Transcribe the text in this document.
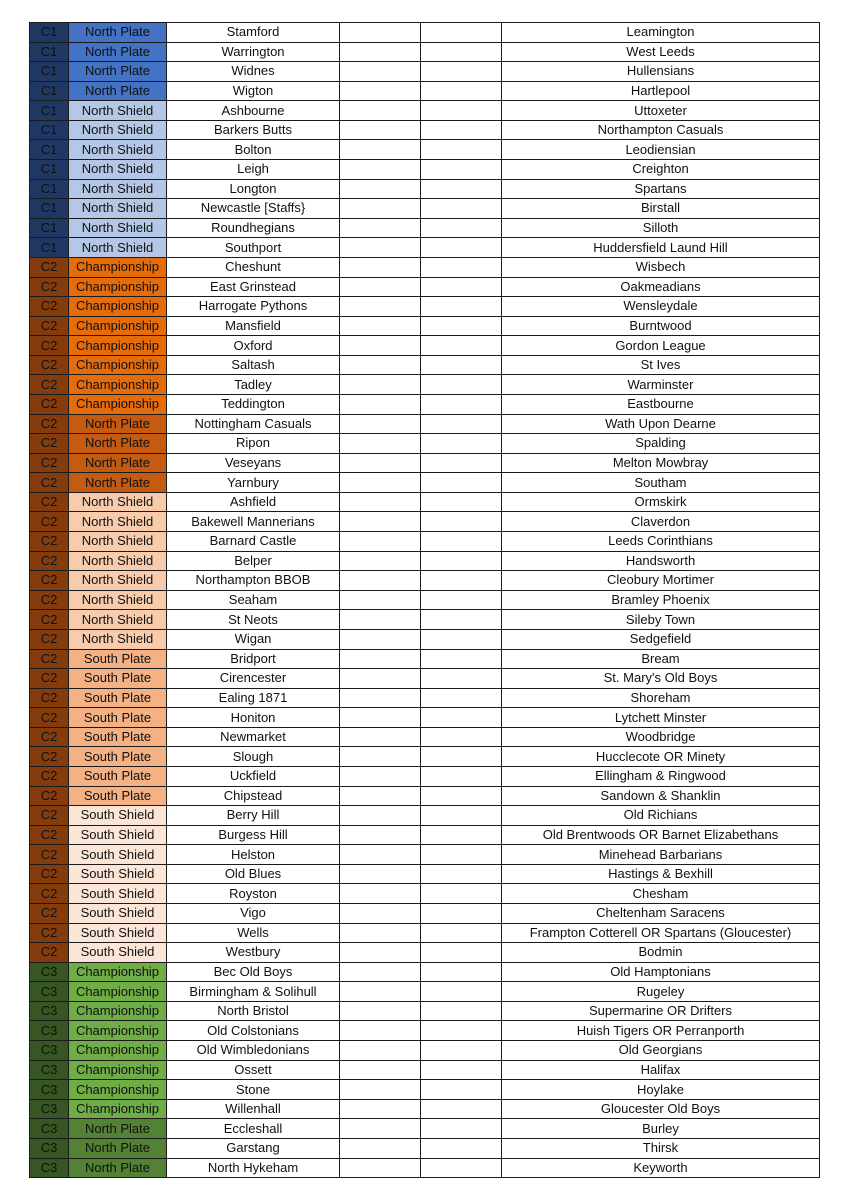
C1	North Plate	Stamford			Leamington
C1	North Plate	Warrington			West Leeds
C1	North Plate	Widnes			Hullensians
C1	North Plate	Wigton			Hartlepool
C1	North Shield	Ashbourne			Uttoxeter
C1	North Shield	Barkers Butts			Northampton Casuals
C1	North Shield	Bolton			Leodiensian
C1	North Shield	Leigh			Creighton
C1	North Shield	Longton			Spartans
C1	North Shield	Newcastle [Staffs}			Birstall
C1	North Shield	Roundhegians			Silloth
C1	North Shield	Southport			Huddersfield Laund Hill
C2	Championship	Cheshunt			Wisbech
C2	Championship	East Grinstead			Oakmeadians
C2	Championship	Harrogate Pythons			Wensleydale
C2	Championship	Mansfield			Burntwood
C2	Championship	Oxford			Gordon League
C2	Championship	Saltash			St Ives
C2	Championship	Tadley			Warminster
C2	Championship	Teddington			Eastbourne
C2	North Plate	Nottingham Casuals			Wath Upon Dearne
C2	North Plate	Ripon			Spalding
C2	North Plate	Veseyans			Melton Mowbray
C2	North Plate	Yarnbury			Southam
C2	North Shield	Ashfield			Ormskirk
C2	North Shield	Bakewell Mannerians			Claverdon
C2	North Shield	Barnard Castle			Leeds Corinthians
C2	North Shield	Belper			Handsworth
C2	North Shield	Northampton BBOB			Cleobury Mortimer
C2	North Shield	Seaham			Bramley Phoenix
C2	North Shield	St Neots			Sileby Town
C2	North Shield	Wigan			Sedgefield
C2	South Plate	Bridport			Bream
C2	South Plate	Cirencester			St. Mary's Old Boys
C2	South Plate	Ealing 1871			Shoreham
C2	South Plate	Honiton			Lytchett Minster
C2	South Plate	Newmarket			Woodbridge
C2	South Plate	Slough			Hucclecote OR Minety
C2	South Plate	Uckfield			Ellingham & Ringwood
C2	South Plate	Chipstead			Sandown & Shanklin
C2	South Shield	Berry Hill			Old Richians
C2	South Shield	Burgess Hill			Old Brentwoods OR Barnet Elizabethans
C2	South Shield	Helston			Minehead Barbarians
C2	South Shield	Old Blues			Hastings & Bexhill
C2	South Shield	Royston			Chesham
C2	South Shield	Vigo			Cheltenham Saracens
C2	South Shield	Wells			Frampton Cotterell OR Spartans (Gloucester)
C2	South Shield	Westbury			Bodmin
C3	Championship	Bec Old Boys			Old Hamptonians
C3	Championship	Birmingham & Solihull			Rugeley
C3	Championship	North Bristol			Supermarine OR Drifters
C3	Championship	Old Colstonians			Huish Tigers OR Perranporth
C3	Championship	Old Wimbledonians			Old Georgians
C3	Championship	Ossett			Halifax
C3	Championship	Stone			Hoylake
C3	Championship	Willenhall			Gloucester Old Boys
C3	North Plate	Eccleshall			Burley
C3	North Plate	Garstang			Thirsk
C3	North Plate	North Hykeham			Keyworth
